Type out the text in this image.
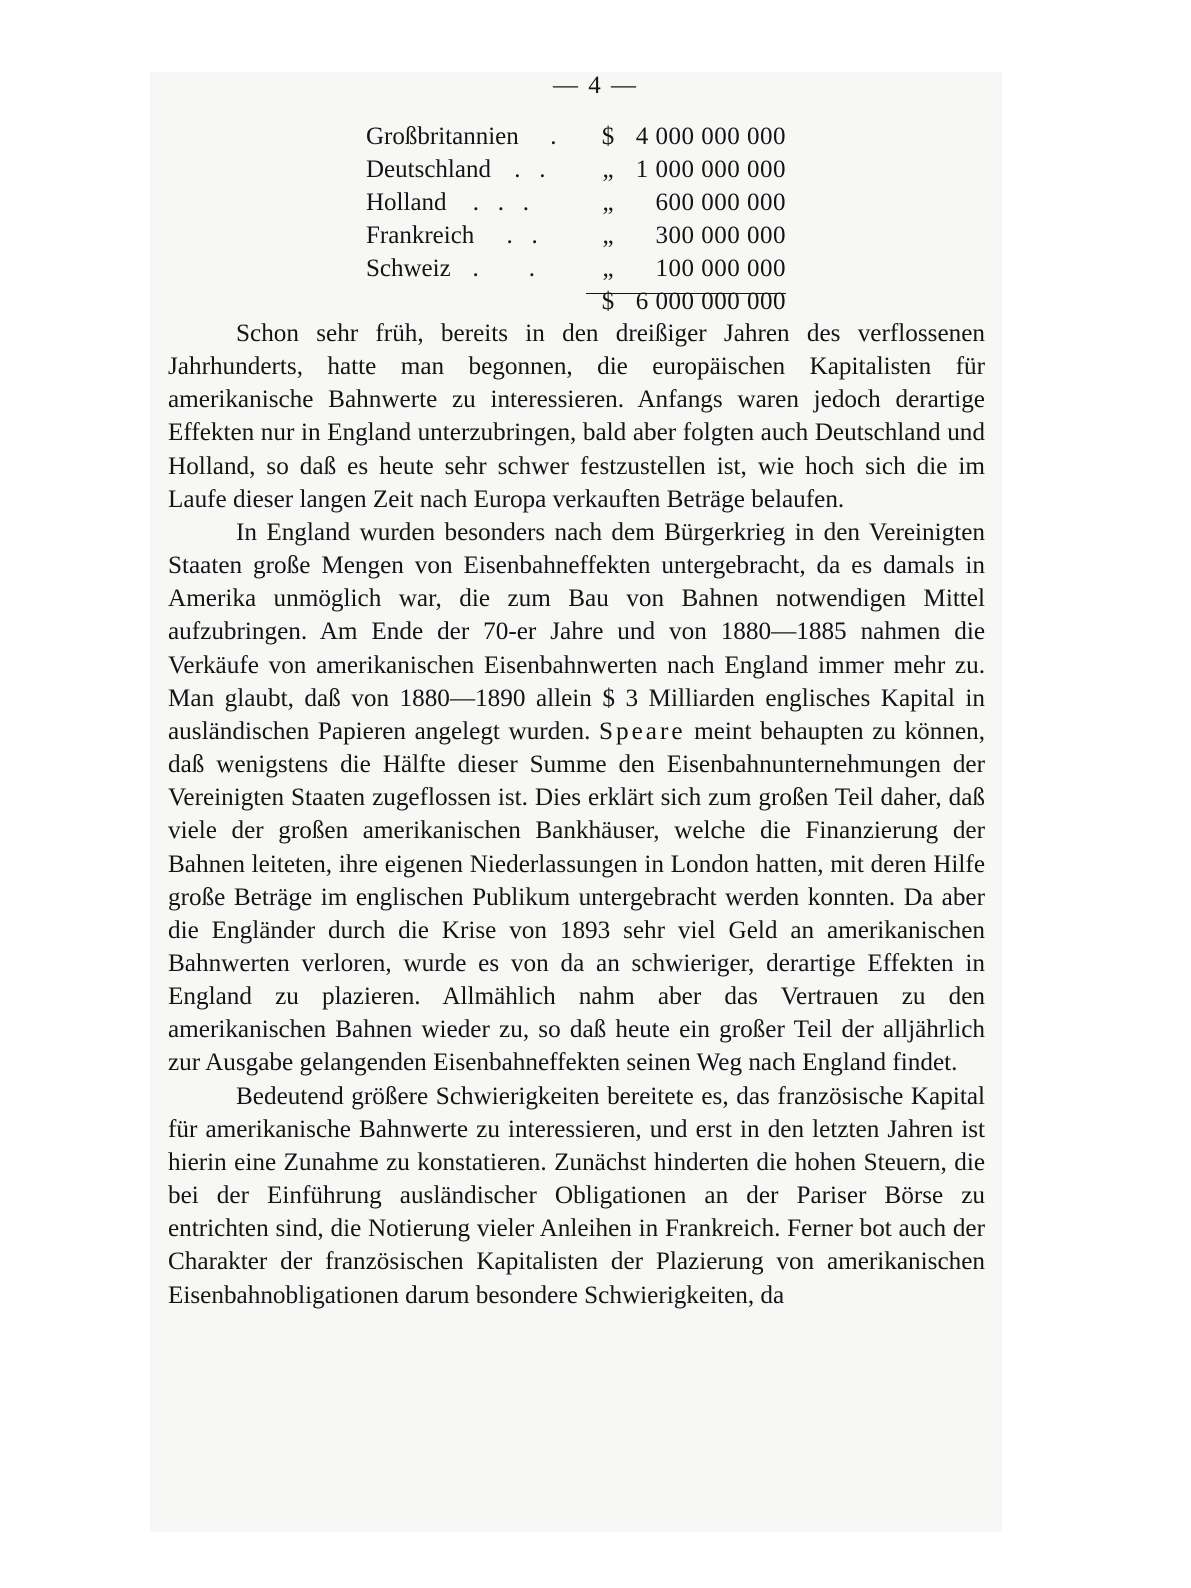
— 4 —
Großbritannien . $ 4 000 000 000
Deutschland .   . „ 1 000 000 000
Holland .   .   .	„ 600 000 000
Frankreich .   .	„ 300 000 000
Schweiz .        .	„ 100 000 000
$ 6 000 000 000

Schon sehr früh, bereits in den dreißiger Jahren des verflossenen Jahrhunderts, hatte man begonnen, die europäischen Kapitalisten für amerikanische Bahnwerte zu interessieren. Anfangs waren jedoch derartige Effekten nur in England unterzubringen, bald aber folgten auch Deutschland und Holland, so daß es heute sehr schwer festzustellen ist, wie hoch sich die im Laufe dieser langen Zeit nach Europa verkauften Beträge belaufen.

In England wurden besonders nach dem Bürgerkrieg in den Vereinigten Staaten große Mengen von Eisenbahneffekten untergebracht, da es damals in Amerika unmöglich war, die zum Bau von Bahnen notwendigen Mittel aufzubringen. Am Ende der 70-er Jahre und von 1880—1885 nahmen die Verkäufe von amerikanischen Eisenbahnwerten nach England immer mehr zu. Man glaubt, daß von 1880—1890 allein $ 3 Milliarden englisches Kapital in ausländischen Papieren angelegt wurden. Speare meint behaupten zu können, daß wenigstens die Hälfte dieser Summe den Eisenbahnunternehmungen der Vereinigten Staaten zugeflossen ist. Dies erklärt sich zum großen Teil daher, daß viele der großen amerikanischen Bankhäuser, welche die Finanzierung der Bahnen leiteten, ihre eigenen Niederlassungen in London hatten, mit deren Hilfe große Beträge im englischen Publikum untergebracht werden konnten. Da aber die Engländer durch die Krise von 1893 sehr viel Geld an amerikanischen Bahnwerten verloren, wurde es von da an schwieriger, derartige Effekten in England zu plazieren. Allmählich nahm aber das Vertrauen zu den amerikanischen Bahnen wieder zu, so daß heute ein großer Teil der alljährlich zur Ausgabe gelangenden Eisenbahneffekten seinen Weg nach England findet.

Bedeutend größere Schwierigkeiten bereitete es, das französische Kapital für amerikanische Bahnwerte zu interessieren, und erst in den letzten Jahren ist hierin eine Zunahme zu konstatieren. Zunächst hinderten die hohen Steuern, die bei der Einführung ausländischer Obligationen an der Pariser Börse zu entrichten sind, die Notierung vieler Anleihen in Frankreich. Ferner bot auch der Charakter der französischen Kapitalisten der Plazierung von amerikanischen Eisenbahnobligationen darum besondere Schwierigkeiten, da
